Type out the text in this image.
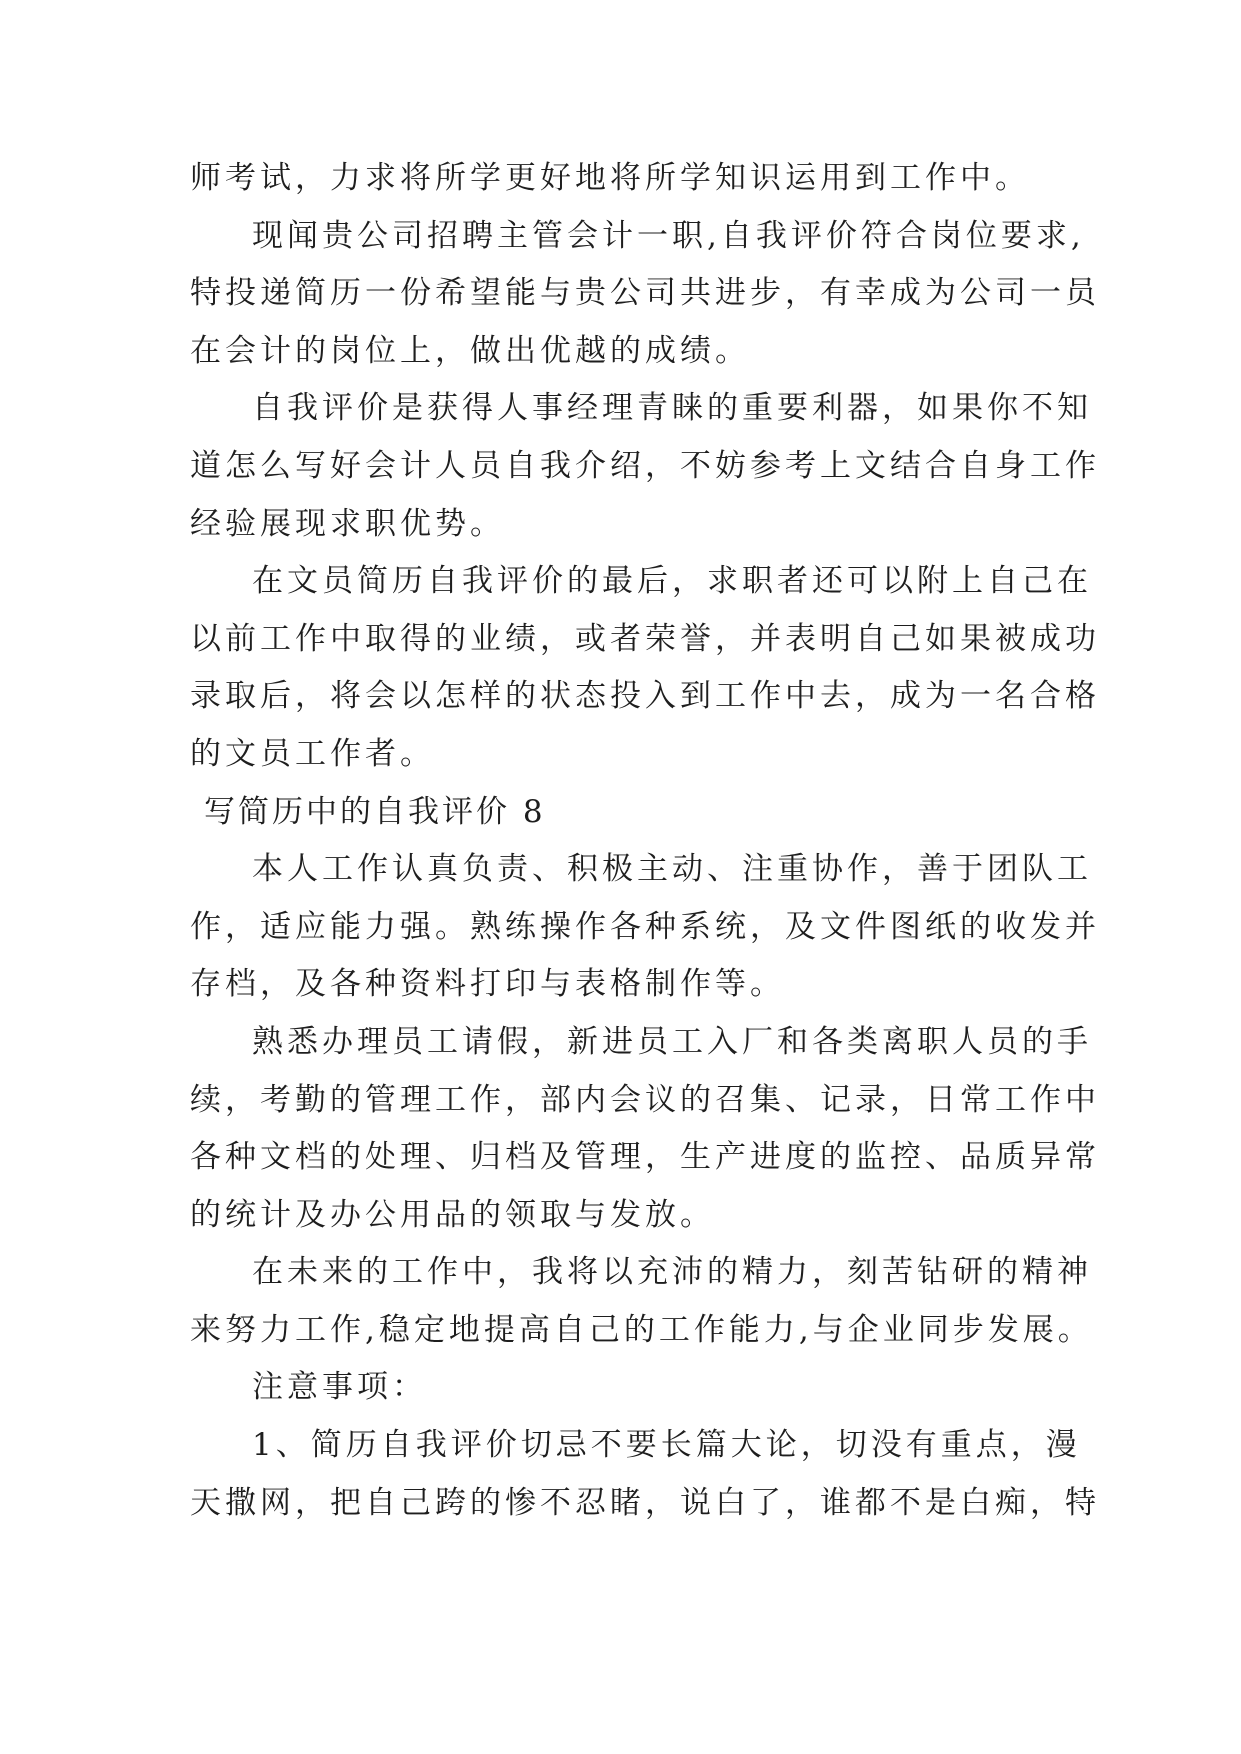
师考试，力求将所学更好地将所学知识运用到工作中。
现闻贵公司招聘主管会计一职,自我评价符合岗位要求,
特投递简历一份希望能与贵公司共进步，有幸成为公司一员
在会计的岗位上，做出优越的成绩。
自我评价是获得人事经理青睐的重要利器，如果你不知
道怎么写好会计人员自我介绍，不妨参考上文结合自身工作
经验展现求职优势。
在文员简历自我评价的最后，求职者还可以附上自己在
以前工作中取得的业绩，或者荣誉，并表明自己如果被成功
录取后，将会以怎样的状态投入到工作中去，成为一名合格
的文员工作者。
写简历中的自我评价 8
本人工作认真负责、积极主动、注重协作，善于团队工
作，适应能力强。熟练操作各种系统，及文件图纸的收发并
存档，及各种资料打印与表格制作等。
熟悉办理员工请假，新进员工入厂和各类离职人员的手
续，考勤的管理工作，部内会议的召集、记录，日常工作中
各种文档的处理、归档及管理，生产进度的监控、品质异常
的统计及办公用品的领取与发放。
在未来的工作中，我将以充沛的精力，刻苦钻研的精神
来努力工作,稳定地提高自己的工作能力,与企业同步发展。
注意事项：
1、简历自我评价切忌不要长篇大论，切没有重点，漫
天撒网，把自己跨的惨不忍睹，说白了，谁都不是白痴，特
